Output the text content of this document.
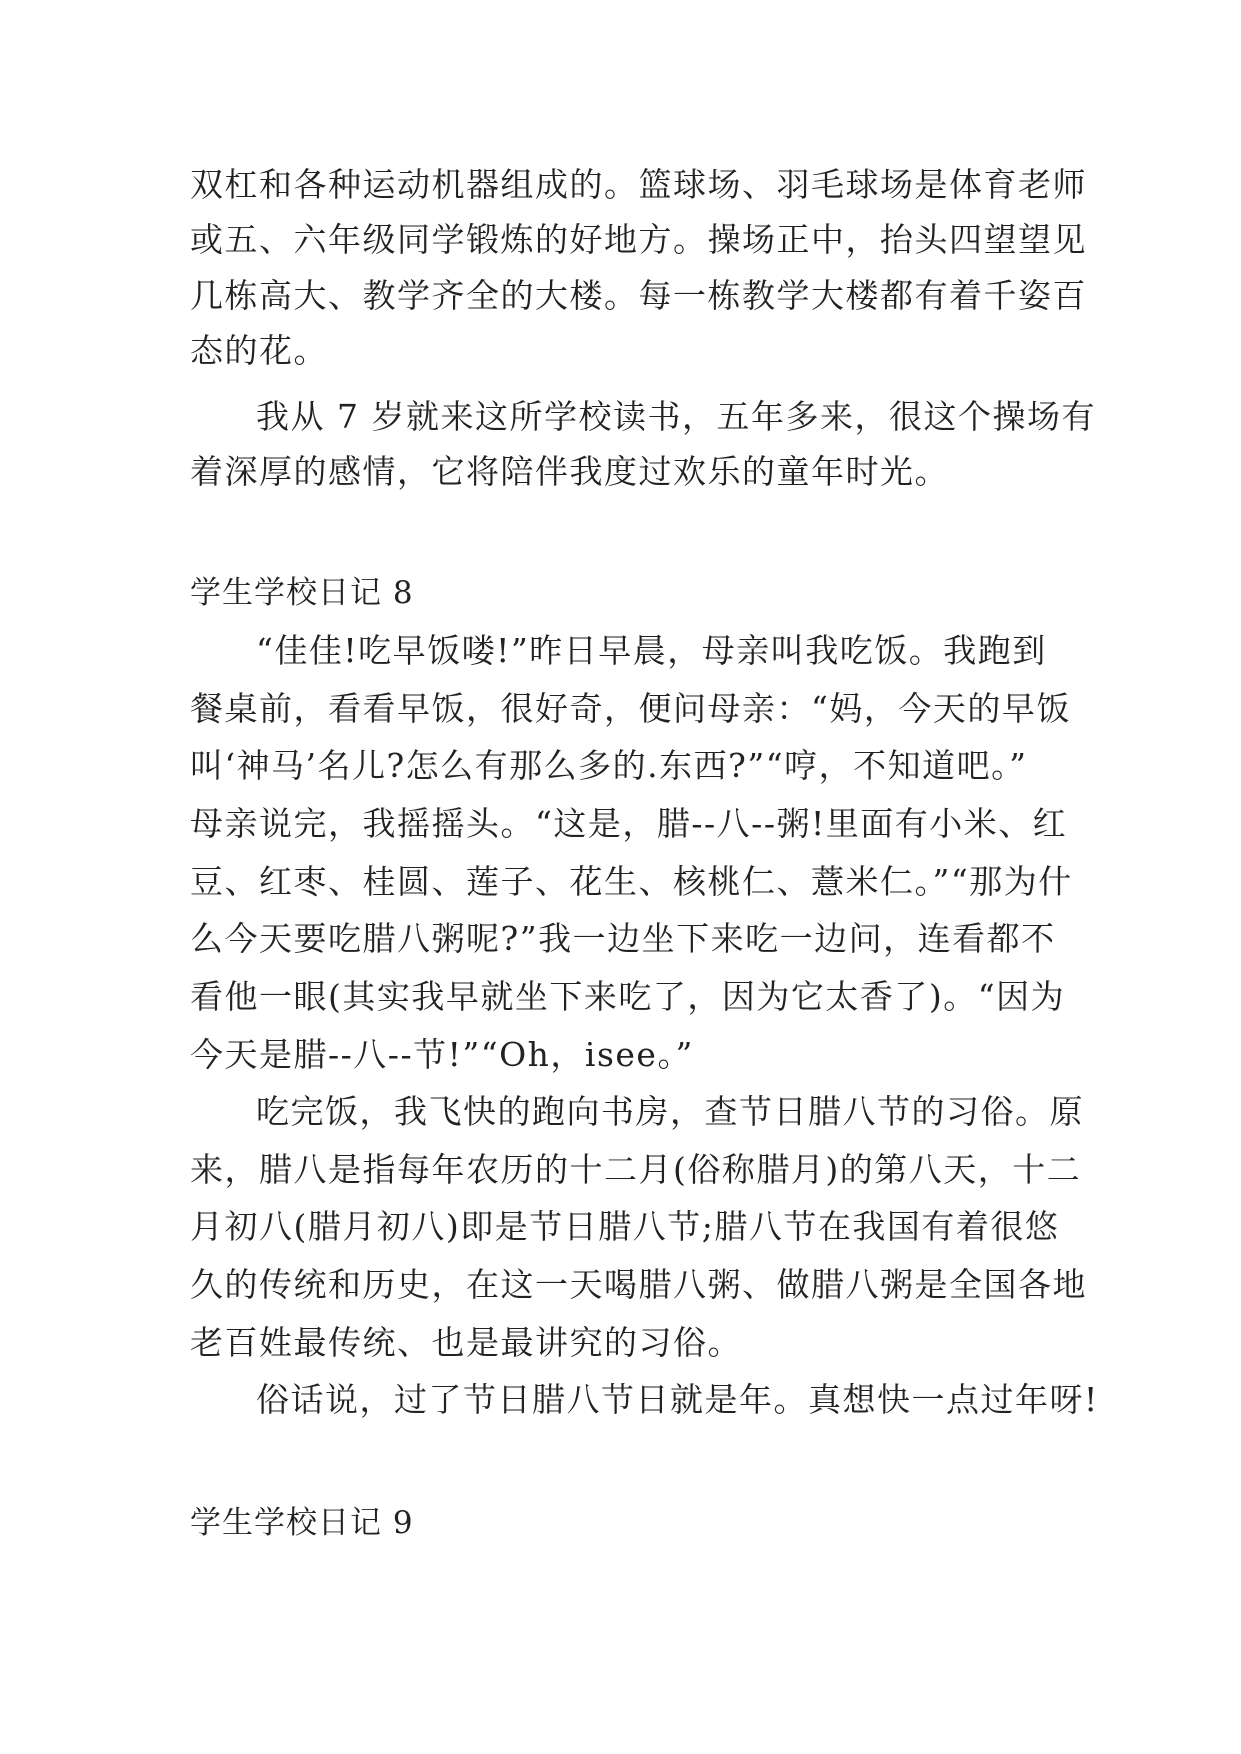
双杠和各种运动机器组成的。篮球场、羽毛球场是体育老师
或五、六年级同学锻炼的好地方。操场正中，抬头四望望见
几栋高大、教学齐全的大楼。每一栋教学大楼都有着千姿百
态的花。
我从 7 岁就来这所学校读书，五年多来，很这个操场有
着深厚的感情，它将陪伴我度过欢乐的童年时光。
学生学校日记 8
“佳佳!吃早饭喽!”昨日早晨，母亲叫我吃饭。我跑到
餐桌前，看看早饭，很好奇，便问母亲：“妈，今天的早饭
叫‘神马’名儿?怎么有那么多的.东西?”“哼，不知道吧。”
母亲说完，我摇摇头。“这是，腊--八--粥!里面有小米、红
豆、红枣、桂圆、莲子、花生、核桃仁、薏米仁。”“那为什
么今天要吃腊八粥呢?”我一边坐下来吃一边问，连看都不
看他一眼(其实我早就坐下来吃了，因为它太香了)。“因为
今天是腊--八--节!”“Oh，isee。”
吃完饭，我飞快的跑向书房，查节日腊八节的习俗。原
来，腊八是指每年农历的十二月(俗称腊月)的第八天，十二
月初八(腊月初八)即是节日腊八节;腊八节在我国有着很悠
久的传统和历史，在这一天喝腊八粥、做腊八粥是全国各地
老百姓最传统、也是最讲究的习俗。
俗话说，过了节日腊八节日就是年。真想快一点过年呀!
学生学校日记 9
